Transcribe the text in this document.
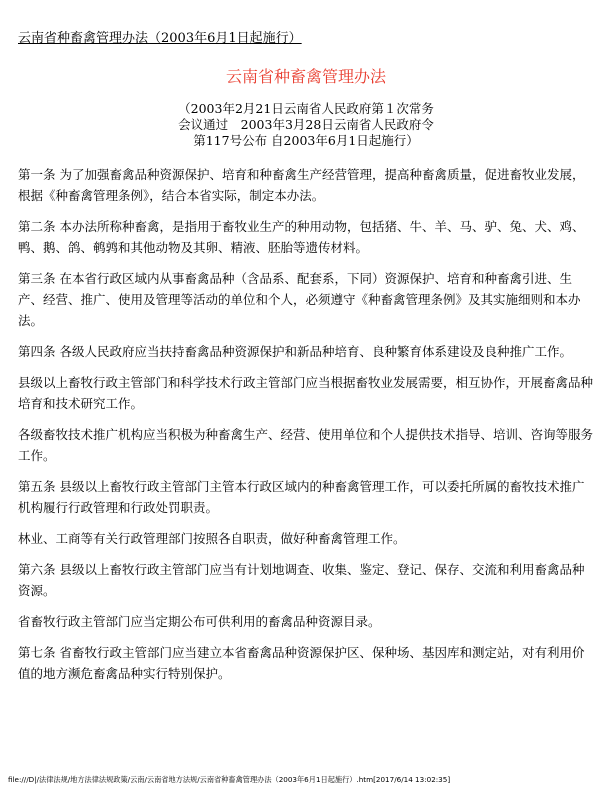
云南省种畜禽管理办法（2003年6月1日起施行）
云南省种畜禽管理办法
（2003年2月21日云南省人民政府第１次常务
会议通过　2003年3月28日云南省人民政府令
第117号公布 自2003年6月1日起施行）

第一条 为了加强畜禽品种资源保护、培育和种畜禽生产经营管理，提高种畜禽质量，促进畜牧业发展，根据《种畜禽管理条例》，结合本省实际，制定本办法。

第二条 本办法所称种畜禽，是指用于畜牧业生产的种用动物，包括猪、牛、羊、马、驴、兔、犬、鸡、鸭、鹅、鸽、鹌鹑和其他动物及其卵、精液、胚胎等遗传材料。

第三条 在本省行政区域内从事畜禽品种（含品系、配套系，下同）资源保护、培育和种畜禽引进、生产、经营、推广、使用及管理等活动的单位和个人，必须遵守《种畜禽管理条例》及其实施细则和本办法。

第四条 各级人民政府应当扶持畜禽品种资源保护和新品种培育、良种繁育体系建设及良种推广工作。

县级以上畜牧行政主管部门和科学技术行政主管部门应当根据畜牧业发展需要，相互协作，开展畜禽品种培育和技术研究工作。

各级畜牧技术推广机构应当积极为种畜禽生产、经营、使用单位和个人提供技术指导、培训、咨询等服务工作。

第五条 县级以上畜牧行政主管部门主管本行政区域内的种畜禽管理工作，可以委托所属的畜牧技术推广机构履行行政管理和行政处罚职责。

林业、工商等有关行政管理部门按照各自职责，做好种畜禽管理工作。

第六条 县级以上畜牧行政主管部门应当有计划地调查、收集、鉴定、登记、保存、交流和利用畜禽品种资源。

省畜牧行政主管部门应当定期公布可供利用的畜禽品种资源目录。

第七条 省畜牧行政主管部门应当建立本省畜禽品种资源保护区、保种场、基因库和测定站，对有利用价值的地方濒危畜禽品种实行特别保护。

file:///D|/法律法规/地方法律法规政策/云南/云南省地方法规/云南省种畜禽管理办法（2003年6月1日起施行）.htm[2017/6/14 13:02:35]
